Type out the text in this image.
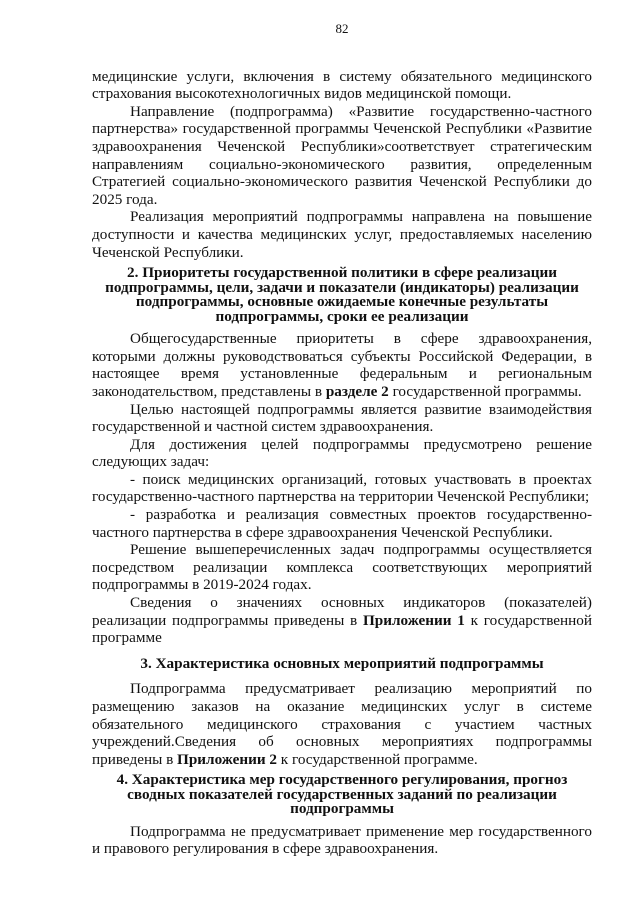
82

медицинские услуги, включения в систему обязательного медицинского страхования высокотехнологичных видов медицинской помощи.

Направление (подпрограмма) «Развитие государственно-частного партнерства» государственной программы Чеченской Республики «Развитие здравоохранения Чеченской Республики»соответствует стратегическим направлениям социально-экономического развития, определенным Стратегией социально-экономического развития Чеченской Республики до 2025 года.

Реализация мероприятий подпрограммы направлена на повышение доступности и качества медицинских услуг, предоставляемых населению Чеченской Республики.

2. Приоритеты государственной политики в сфере реализации подпрограммы, цели, задачи и показатели (индикаторы) реализации подпрограммы, основные ожидаемые конечные результаты подпрограммы, сроки ее реализации

Общегосударственные приоритеты в сфере здравоохранения, которыми должны руководствоваться субъекты Российской Федерации, в настоящее время установленные федеральным и региональным законодательством, представлены в разделе 2 государственной программы.

Целью настоящей подпрограммы является развитие взаимодействия государственной и частной систем здравоохранения.

Для достижения целей подпрограммы предусмотрено решение следующих задач:

- поиск медицинских организаций, готовых участвовать в проектах государственно-частного партнерства на территории Чеченской Республики;

- разработка и реализация совместных проектов государственно-частного партнерства в сфере здравоохранения Чеченской Республики.

Решение вышеперечисленных задач подпрограммы осуществляется посредством реализации комплекса соответствующих мероприятий подпрограммы в 2019-2024 годах.

Сведения о значениях основных индикаторов (показателей) реализации подпрограммы приведены в Приложении 1 к государственной программе

3. Характеристика основных мероприятий подпрограммы

Подпрограмма предусматривает реализацию мероприятий по размещению заказов на оказание медицинских услуг в системе обязательного медицинского страхования с участием частных учреждений.Сведения об основных мероприятиях подпрограммы приведены в Приложении 2 к государственной программе.

4. Характеристика мер государственного регулирования, прогноз сводных показателей государственных заданий по реализации подпрограммы

Подпрограмма не предусматривает применение мер государственного и правового регулирования в сфере здравоохранения.
